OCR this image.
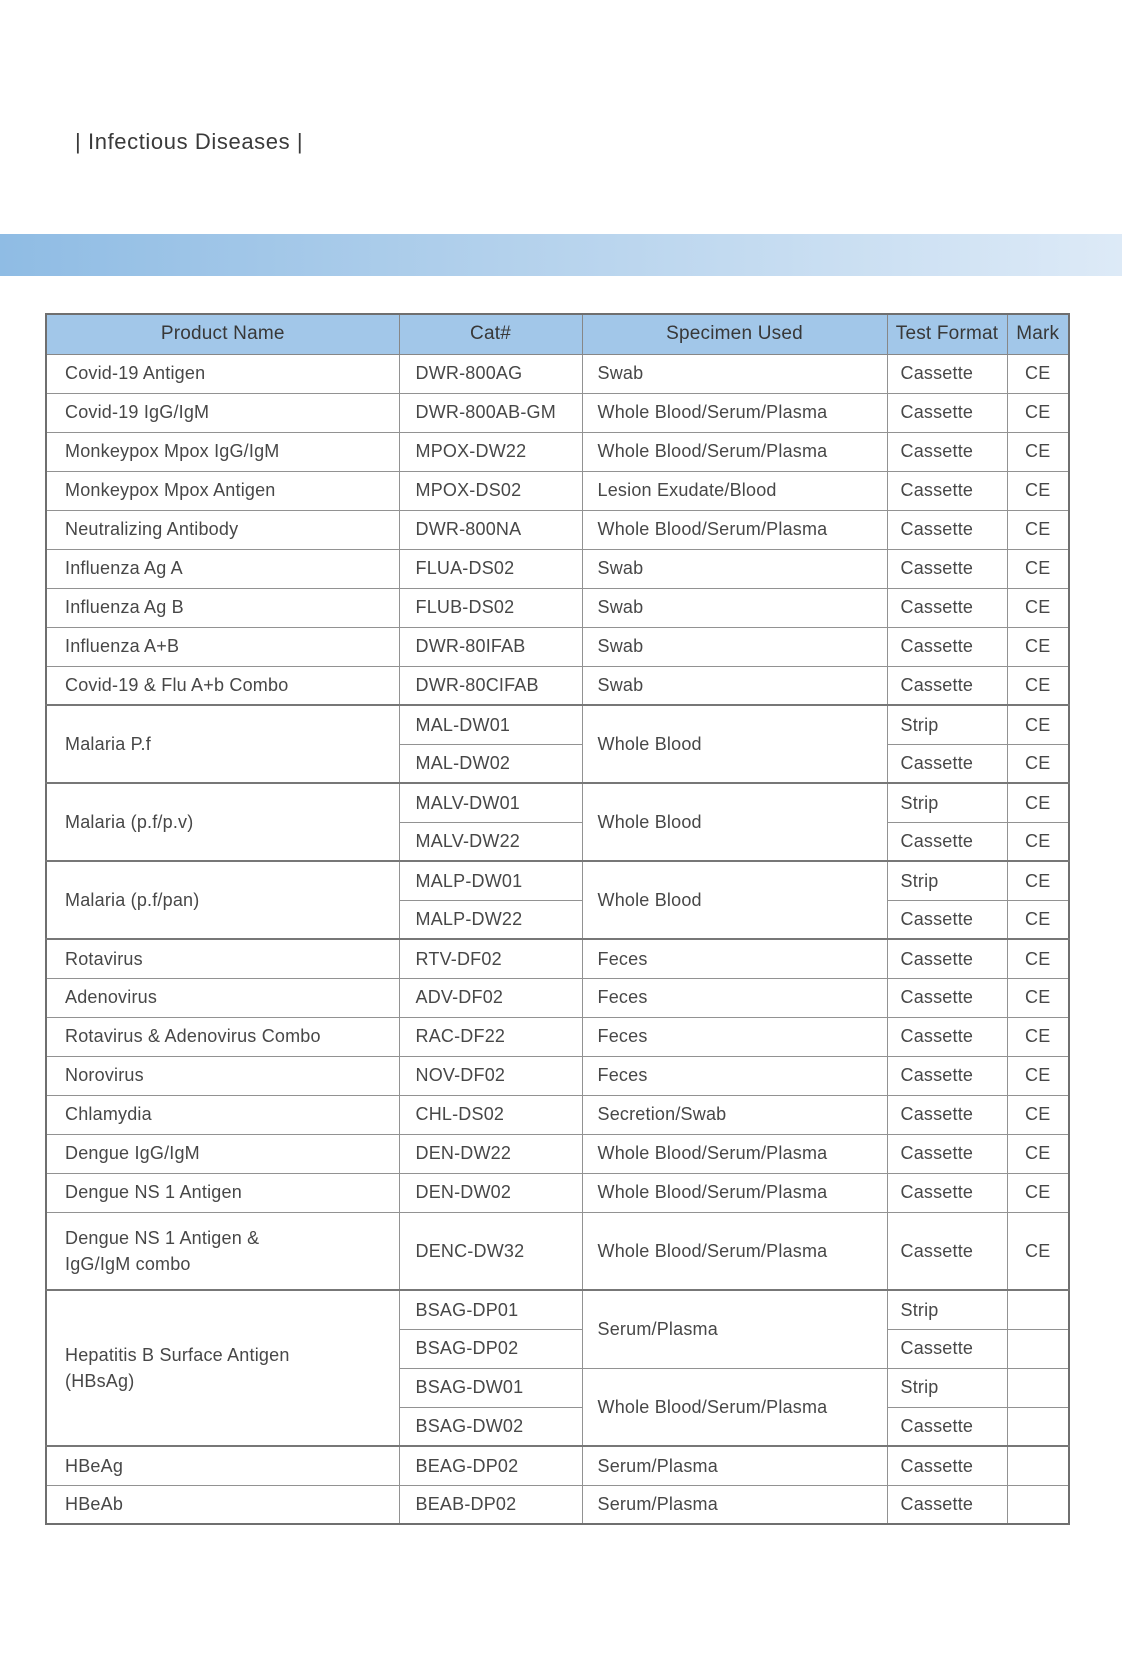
| Infectious Diseases |
Product Name	Cat#	Specimen Used	Test Format	Mark
Covid-19 Antigen	DWR-800AG	Swab	Cassette	CE
Covid-19 IgG/IgM	DWR-800AB-GM	Whole Blood/Serum/Plasma	Cassette	CE
Monkeypox Mpox IgG/IgM	MPOX-DW22	Whole Blood/Serum/Plasma	Cassette	CE
Monkeypox Mpox Antigen	MPOX-DS02	Lesion Exudate/Blood	Cassette	CE
Neutralizing Antibody	DWR-800NA	Whole Blood/Serum/Plasma	Cassette	CE
Influenza Ag A	FLUA-DS02	Swab	Cassette	CE
Influenza Ag B	FLUB-DS02	Swab	Cassette	CE
Influenza A+B	DWR-80IFAB	Swab	Cassette	CE
Covid-19 & Flu A+b Combo	DWR-80CIFAB	Swab	Cassette	CE
Malaria P.f	MAL-DW01	Whole Blood	Strip	CE
	MAL-DW02		Cassette	CE
Malaria (p.f/p.v)	MALV-DW01	Whole Blood	Strip	CE
	MALV-DW22		Cassette	CE
Malaria (p.f/pan)	MALP-DW01	Whole Blood	Strip	CE
	MALP-DW22		Cassette	CE
Rotavirus	RTV-DF02	Feces	Cassette	CE
Adenovirus	ADV-DF02	Feces	Cassette	CE
Rotavirus & Adenovirus Combo	RAC-DF22	Feces	Cassette	CE
Norovirus	NOV-DF02	Feces	Cassette	CE
Chlamydia	CHL-DS02	Secretion/Swab	Cassette	CE
Dengue IgG/IgM	DEN-DW22	Whole Blood/Serum/Plasma	Cassette	CE
Dengue NS 1 Antigen	DEN-DW02	Whole Blood/Serum/Plasma	Cassette	CE
Dengue NS 1 Antigen &
IgG/IgM combo	DENC-DW32	Whole Blood/Serum/Plasma	Cassette	CE
Hepatitis B Surface Antigen
(HBsAg)	BSAG-DP01	Serum/Plasma	Strip	
	BSAG-DP02		Cassette	
	BSAG-DW01	Whole Blood/Serum/Plasma	Strip	
	BSAG-DW02		Cassette	
HBeAg	BEAG-DP02	Serum/Plasma	Cassette	
HBeAb	BEAB-DP02	Serum/Plasma	Cassette	
